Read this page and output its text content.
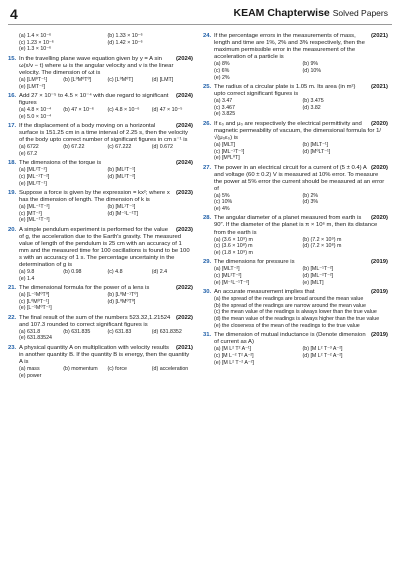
4	KEAM Chapterwise Solved Papers
(a) 1.4 × 10⁻⁶	(b) 1.33 × 10⁻⁶
(c) 1.23 × 10⁻⁶	(d) 1.42 × 10⁻⁶
(e) 1.3 × 10⁻⁶
15.	(2024)
In the travelling plane wave equation given by y = A sin ω(x/v − t) where ω is the angular velocity and v is the linear velocity. The dimension of ωt is
(a) [LM⁰T⁻¹]	(b) [L⁰M⁰T⁰]	(c) [L⁰M⁰T]	(d) [LMT]
(e) [LMT⁻²]
16.	(2024)
Add 27 × 10⁻⁵ to 4.5 × 10⁻⁴ with due regard to significant figures
(a) 4.8 × 10⁻⁴	(b) 47 × 10⁻⁶	(c) 4.8 × 10⁻⁶	(d) 47 × 10⁻⁵
(e) 5.0 × 10⁻⁴
17.	(2024)
If the displacement of a body moving on a horizontal surface is 151.25 cm in a time interval of 2.25 s, then the velocity of the body upto correct number of significant figures in cm s⁻¹ is
(a) 6722	(b) 67.22	(c) 67.222	(d) 0.672
(e) 67.2
18.	(2024)
The dimensions of the torque is
(a) [ML²T⁻²]	(b) [ML²T⁻¹]
(c) [ML⁻¹T⁻²]	(d) [ML²T⁻²]
(e) [ML²T⁻¹]
19.	(2023)
Suppose a force is given by the expression = kx²; where x has the dimension of length. The dimension of k is
(a) [ML⁻¹T⁻²]	(b) [ML¹T⁻¹]
(c) [MT⁻²]	(d) [M⁻¹L⁻¹T]
(e) [ML⁻¹T⁻²]
20.	(2023)
A simple pendulum experiment is performed for the value of g, the acceleration due to the Earth's gravity. The measured value of length of the pendulum is 25 cm with an accuracy of 1 mm and the measured time for 100 oscillations is found to be 100 s with an accuracy of 1 s. The percentage uncertainty in the determination of g is
(a) 9.8	(b) 0.98	(c) 4.8	(d) 2.4
(e) 1.4
21.	(2022)
The dimensional formula for the power of a lens is
(a) [L⁻¹M⁰T⁰]	(b) [L⁰M⁻¹T⁰]
(c) [L⁰M⁰T⁻¹]	(d) [L⁰M⁰T⁰]
(e) [L⁻¹M⁰T⁻¹]
22.	(2022)
The final result of the sum of the numbers 523.32,1.21524 and 107.3 rounded to correct significant figures is
(a) 631.8	(b) 631.835	(c) 631.83	(d) 631.8352
(e) 631.83524
23.	(2021)
A physical quantity A on multiplication with velocity results in another quantity B. If the quantity B is energy, then the quantity A is
(a) mass	(b) momentum	(c) force	(d) acceleration
(e) power
24.	(2021)
If the percentage errors in the measurements of mass, length and time are 1%, 2% and 3% respectively, then the maximum permissible error in the measurement of the acceleration of a particle is
(a) 8%	(b) 9%
(c) 6%	(d) 10%
(e) 2%
25.	(2021)
The radius of a circular plate is 1.05 m. Its area (in m²) upto correct significant figures is
(a) 3.47	(b) 3.475
(c) 3.467	(d) 3.82
(e) 3.825
26.	(2020)
If ε₀ and μ₀ are respectively the electrical permittivity and magnetic permeability of vacuum, the dimensional formula for 1/√(μ₀ε₀) is
(a) [MLT]	(b) [MLT⁻¹]
(c) [ML⁻¹T⁻¹]	(d) [M⁰LT⁻¹]
(e) [M⁰L⁰T]
27.	(2020)
The power in an electrical circuit for a current of (5 ± 0.4) A and voltage (60 ± 0.2) V is measured at 10% error. To measure the power at 5% error the current should be measured at an error of
(a) 5%	(b) 2%
(c) 10%	(d) 3%
(e) 4%
28.	(2020)
The angular diameter of a planet measured from earth is 90″. If the diameter of the planet is π × 10⁶ m, then its distance from the earth is
(a) (3.6 × 10⁹) m	(b) (7.2 × 10⁹) m
(c) (3.6 × 10⁸) m	(d) (7.2 × 10⁸) m
(e) (1.8 × 10⁹) m
29.	(2019)
The dimensions for pressure is
(a) [MLT⁻²]	(b) [ML⁻¹T⁻²]
(c) [ML²T⁻²]	(d) [ML⁻²T⁻²]
(e) [M⁻¹L⁻¹T⁻²]	(e) [MLT]
30.	(2019)
An accurate measurement implies that
(a) the spread of the readings are broad around the mean value
(b) the spread of the readings are narrow around the mean value
(c) the mean value of the readings is always lower than the true value
(d) the mean value of the readings is always higher than the true value
(e) the closeness of the mean of the readings to the true value
31.	(2019)
The dimension of mutual inductance is (Denote dimension of current as A)
(a) [M L² T² A⁻¹]	(b) [M L² T⁻³ A⁻²]
(c) [M L⁻² T² A⁻²]	(d) [M L² T⁻² A⁻²]
(e) [M L² T⁻² A⁻²]
